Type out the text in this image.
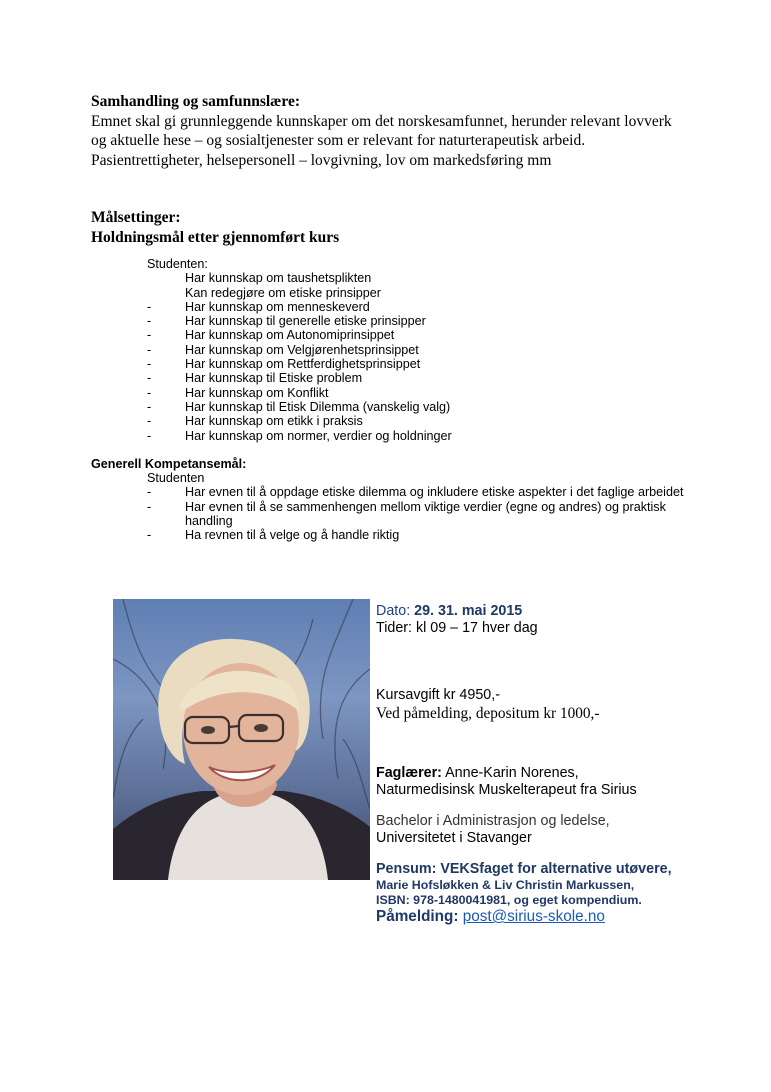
Samhandling og samfunnslære:

Emnet skal gi grunnleggende kunnskaper om det norskesamfunnet, herunder relevant lovverk

og aktuelle hese – og sosialtjenester som er relevant for naturterapeutisk arbeid.

Pasientrettigheter, helsepersonell – lovgivning, lov om markedsføring mm

Målsettinger:
Holdningsmål etter gjennomført kurs
Studenten:
Har kunnskap om taushetsplikten
Kan redegjøre om etiske prinsipper
-	Har kunnskap om menneskeverd
-	Har kunnskap til generelle etiske prinsipper
-	Har kunnskap om Autonomiprinsippet
-	Har kunnskap om Velgjørenhetsprinsippet
-	Har kunnskap om Rettferdighetsprinsippet
-	Har kunnskap til Etiske problem
-	Har kunnskap om Konflikt
-	Har kunnskap til Etisk Dilemma (vanskelig valg)
-	Har kunnskap om etikk i praksis
-	Har kunnskap om normer, verdier og holdninger
Generell Kompetansemål:
Studenten
-	Har evnen til å oppdage etiske dilemma og inkludere etiske aspekter i det faglige arbeidet
-	Har evnen til å se sammenhengen mellom viktige verdier (egne og andres) og praktisk handling
-	Ha revnen til å velge og å handle riktig
Dato: 29. 31. mai 2015
Tider: kl 09 – 17 hver dag
Kursavgift kr 4950,-
Ved påmelding, depositum kr 1000,-
Faglærer: Anne-Karin Norenes,
Naturmedisinsk Muskelterapeut fra Sirius
Bachelor i Administrasjon og ledelse,
Universitetet i Stavanger
Pensum: VEKSfaget for alternative utøvere,
Marie Hofsløkken & Liv Christin Markussen,
ISBN: 978-1480041981, og eget kompendium.
Påmelding: post@sirius-skole.no
